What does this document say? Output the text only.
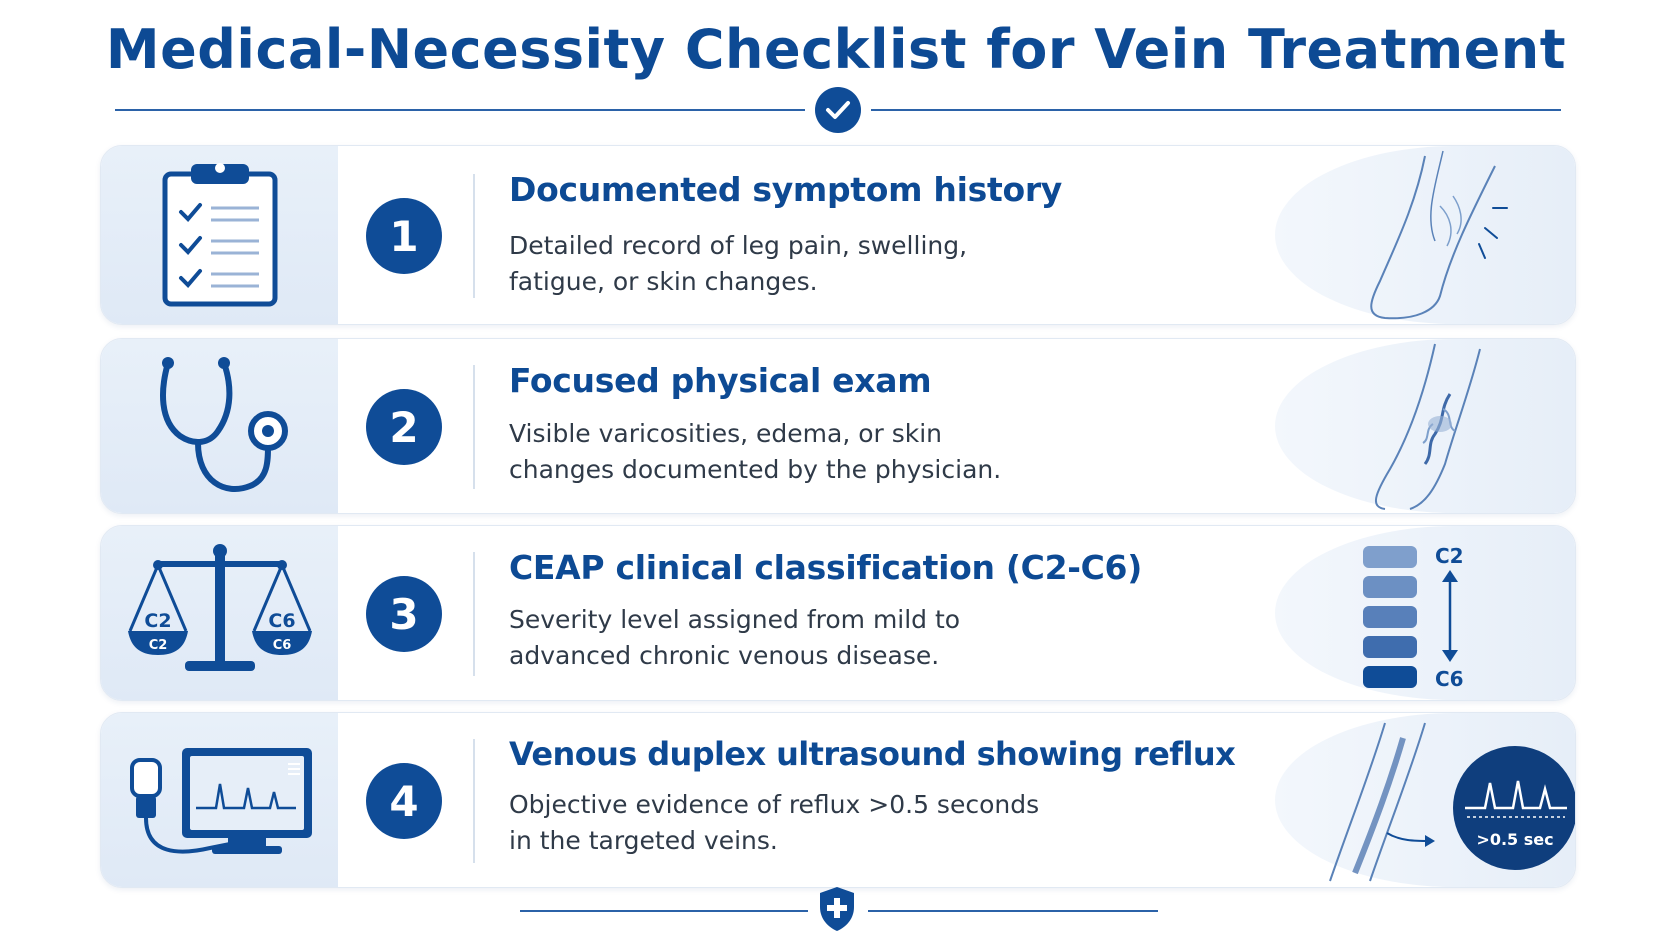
Medical-Necessity Checklist for Vein Treatment
1
Documented symptom history
Detailed record of leg pain, swelling, fatigue, or skin changes.
2
Focused physical exam
Visible varicosities, edema, or skin changes documented by the physician.
C2
C2
C6
C6
3
CEAP clinical classification (C2-C6)
Severity level assigned from mild to advanced chronic venous disease.
C2
C6
4
Venous duplex ultrasound showing reflux
Objective evidence of reflux >0.5 seconds in the targeted veins.	>0.5 sec
